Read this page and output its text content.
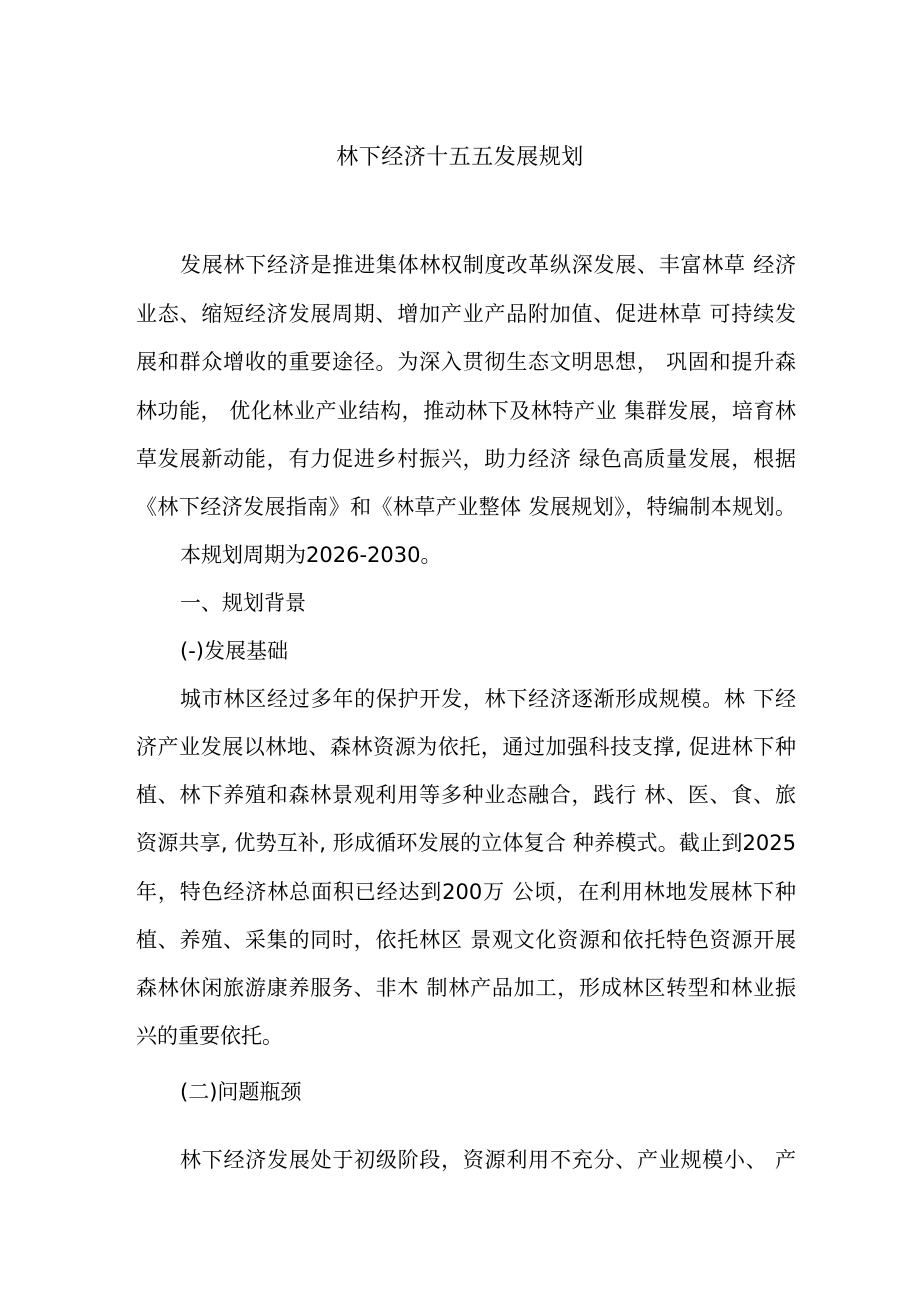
林下经济十五五发展规划
发展林下经济是推进集体林权制度改革纵深发展、丰富林草 经济
业态、缩短经济发展周期、增加产业产品附加值、促进林草 可持续发
展和群众增收的重要途径。为深入贯彻生态文明思想， 巩固和提升森
林功能， 优化林业产业结构，推动林下及林特产业 集群发展，培育林
草发展新动能，有力促进乡村振兴，助力经济 绿色高质量发展，根据
《林下经济发展指南》和《林草产业整体 发展规划》，特编制本规划。
本规划周期为2026-2030。
一、规划背景
(-)发展基础
城市林区经过多年的保护开发，林下经济逐渐形成规模。林 下经
济产业发展以林地、森林资源为依托，通过加强科技支撑, 促进林下种
植、林下养殖和森林景观利用等多种业态融合，践行 林、医、食、旅
资源共享, 优势互补, 形成循环发展的立体复合 种养模式。截止到2025
年，特色经济林总面积已经达到200万 公顷，在利用林地发展林下种
植、养殖、采集的同时，依托林区 景观文化资源和依托特色资源开展
森林休闲旅游康养服务、非木 制林产品加工，形成林区转型和林业振
兴的重要依托。
(二)问题瓶颈
林下经济发展处于初级阶段，资源利用不充分、产业规模小、 产
